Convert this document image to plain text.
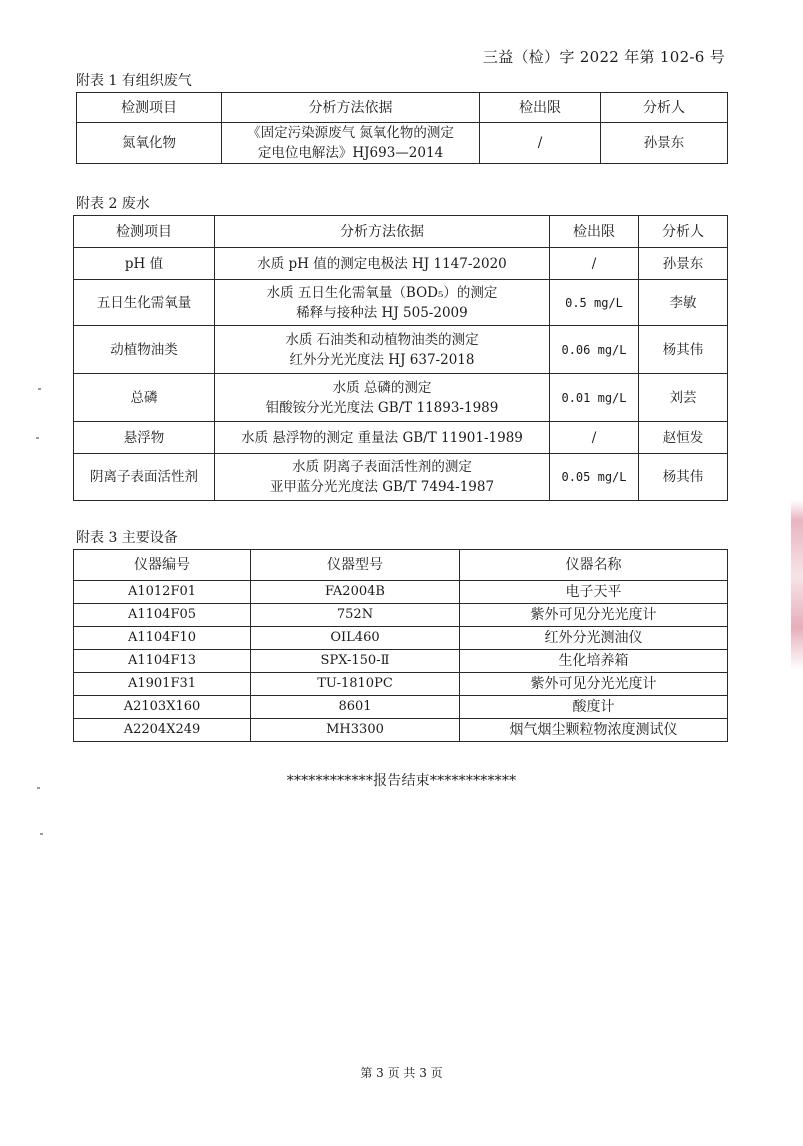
三益（检）字 2022 年第 102-6 号
附表 1 有组织废气
检测项目	分析方法依据	检出限	分析人
氮氧化物	《固定污染源废气 氮氧化物的测定
定电位电解法》HJ693—2014	/	孙景东
附表 2 废水
检测项目	分析方法依据	检出限	分析人
pH 值	水质 pH 值的测定电极法 HJ 1147-2020	/	孙景东
五日生化需氧量	水质 五日生化需氧量（BOD₅）的测定
稀释与接种法 HJ 505-2009	0.5 mg/L	李敏
动植物油类	水质 石油类和动植物油类的测定
红外分光光度法 HJ 637-2018	0.06 mg/L	杨其伟
总磷	水质 总磷的测定
钼酸铵分光光度法 GB/T 11893-1989	0.01 mg/L	刘芸
悬浮物	水质 悬浮物的测定 重量法 GB/T 11901-1989	/	赵恒发
阴离子表面活性剂	水质 阴离子表面活性剂的测定
亚甲蓝分光光度法 GB/T 7494-1987	0.05 mg/L	杨其伟
附表 3 主要设备
仪器编号	仪器型号	仪器名称
A1012F01	FA2004B	电子天平
A1104F05	752N	紫外可见分光光度计
A1104F10	OIL460	红外分光测油仪
A1104F13	SPX-150-Ⅱ	生化培养箱
A1901F31	TU-1810PC	紫外可见分光光度计
A2103X160	8601	酸度计
A2204X249	MH3300	烟气烟尘颗粒物浓度测试仪
************报告结束************
第 3 页 共 3 页
